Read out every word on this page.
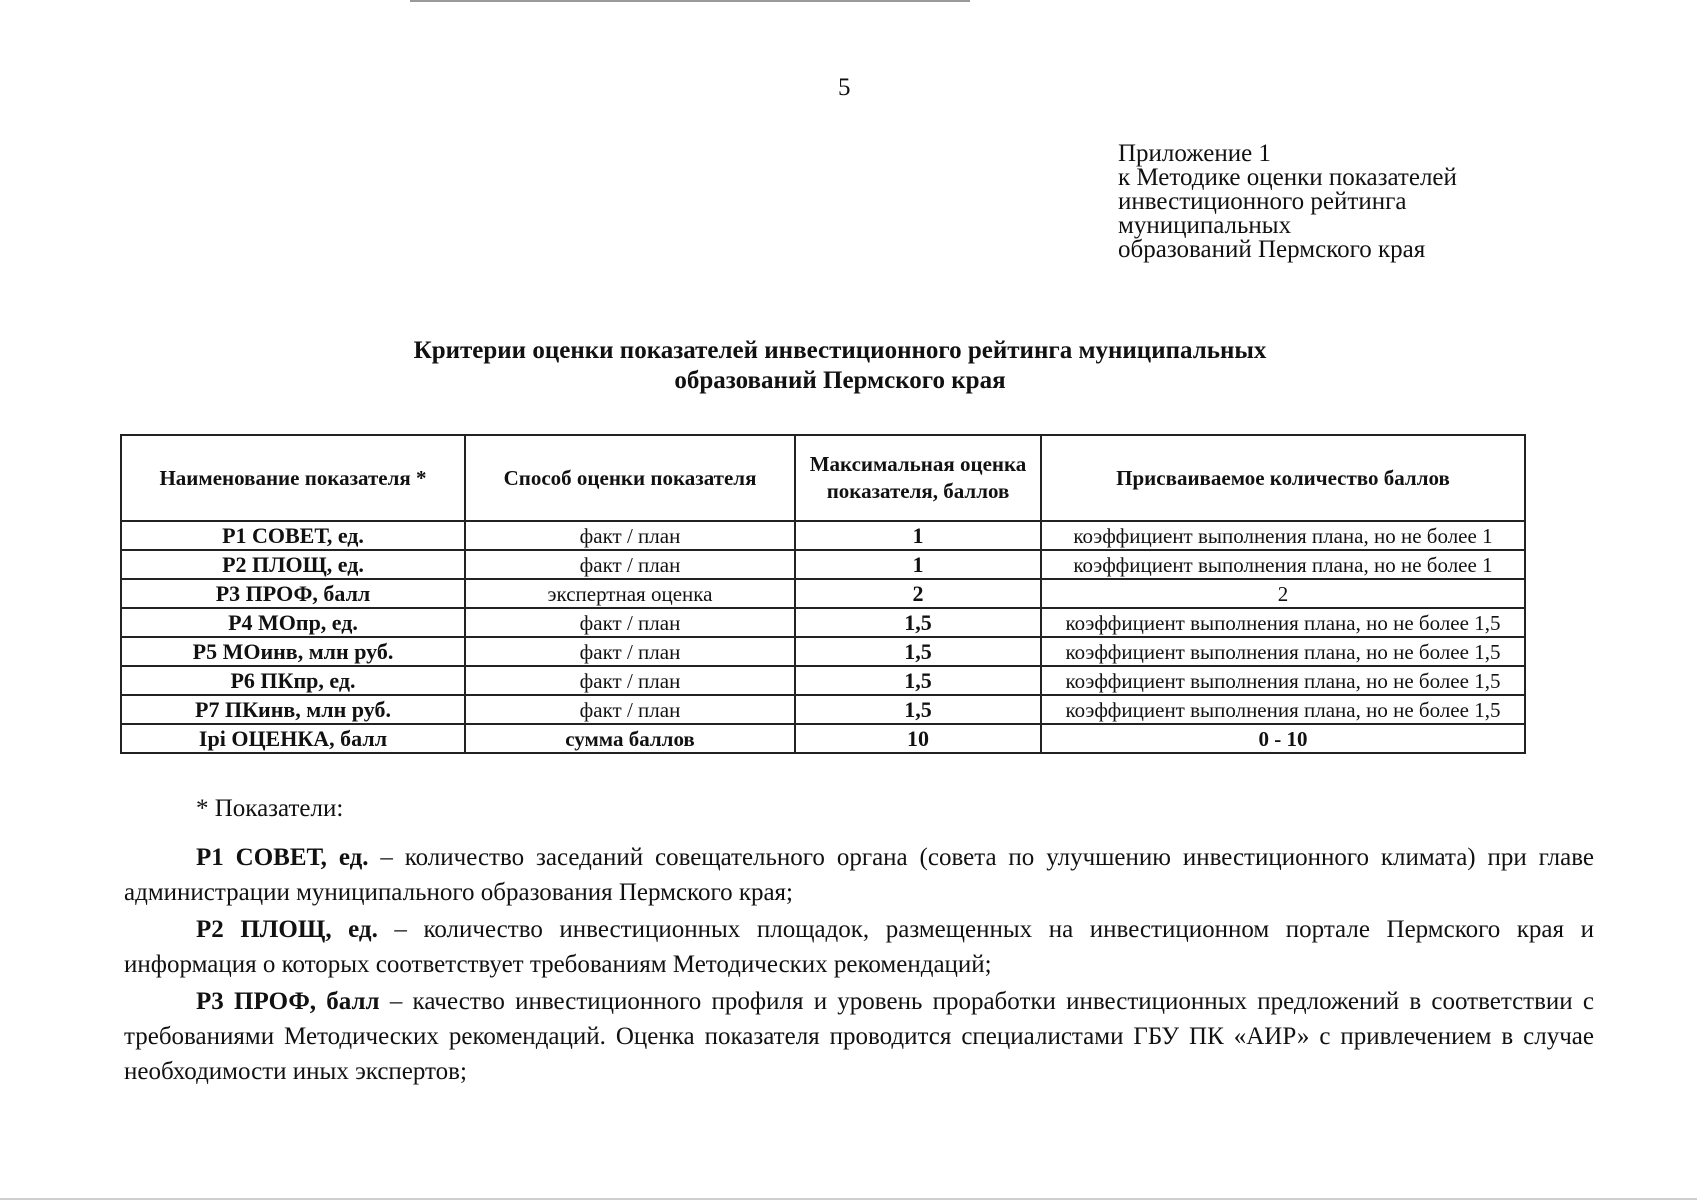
5
Приложение 1
к Методике оценки показателей
инвестиционного рейтинга
муниципальных
образований Пермского края
Критерии оценки показателей инвестиционного рейтинга муниципальных
образований Пермского края
Наименование показателя *	Способ оценки показателя	Максимальная оценка показателя, баллов	Присваиваемое количество баллов
Р1 СОВЕТ, ед.	факт / план	1	коэффициент выполнения плана, но не более 1
Р2 ПЛОЩ, ед.	факт / план	1	коэффициент выполнения плана, но не более 1
Р3 ПРОФ, балл	экспертная оценка	2	2
Р4 МОпр, ед.	факт / план	1,5	коэффициент выполнения плана, но не более 1,5
Р5 МОинв, млн руб.	факт / план	1,5	коэффициент выполнения плана, но не более 1,5
Р6 ПКпр, ед.	факт / план	1,5	коэффициент выполнения плана, но не более 1,5
Р7 ПКинв, млн руб.	факт / план	1,5	коэффициент выполнения плана, но не более 1,5
Ipi ОЦЕНКА, балл	сумма баллов	10	0 - 10
* Показатели:

Р1 СОВЕТ, ед. – количество заседаний совещательного органа (совета по улучшению инвестиционного климата) при главе администрации муниципального образования Пермского края;

Р2 ПЛОЩ, ед. – количество инвестиционных площадок, размещенных на инвестиционном портале Пермского края и информация о которых соответствует требованиям Методических рекомендаций;

Р3 ПРОФ, балл – качество инвестиционного профиля и уровень проработки инвестиционных предложений в соответствии с требованиями Методических рекомендаций. Оценка показателя проводится специалистами ГБУ ПК «АИР» с привлечением в случае необходимости иных экспертов;
